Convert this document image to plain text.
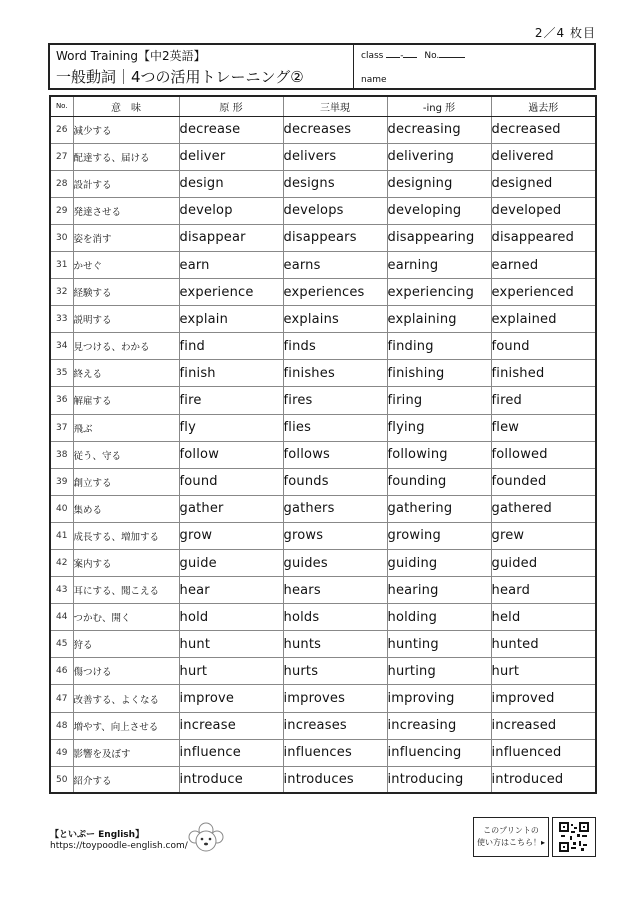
2／4 枚目
Word Training【中2英語】
一般動詞｜4つの活用トレーニング②
class - No.
name
No.	意　味	原 形	三単現	-ing 形	過去形
26	減少する	decrease	decreases	decreasing	decreased
27	配達する、届ける	deliver	delivers	delivering	delivered
28	設計する	design	designs	designing	designed
29	発達させる	develop	develops	developing	developed
30	姿を消す	disappear	disappears	disappearing	disappeared
31	かせぐ	earn	earns	earning	earned
32	経験する	experience	experiences	experiencing	experienced
33	説明する	explain	explains	explaining	explained
34	見つける、わかる	find	finds	finding	found
35	終える	finish	finishes	finishing	finished
36	解雇する	fire	fires	firing	fired
37	飛ぶ	fly	flies	flying	flew
38	従う、守る	follow	follows	following	followed
39	創立する	found	founds	founding	founded
40	集める	gather	gathers	gathering	gathered
41	成長する、増加する	grow	grows	growing	grew
42	案内する	guide	guides	guiding	guided
43	耳にする、聞こえる	hear	hears	hearing	heard
44	つかむ、開く	hold	holds	holding	held
45	狩る	hunt	hunts	hunting	hunted
46	傷つける	hurt	hurts	hurting	hurt
47	改善する、よくなる	improve	improves	improving	improved
48	増やす、向上させる	increase	increases	increasing	increased
49	影響を及ぼす	influence	influences	influencing	influenced
50	紹介する	introduce	introduces	introducing	introduced
【といぷー English】
https://toypoodle-english.com/
このプリントの
使い方はこちら！▸
